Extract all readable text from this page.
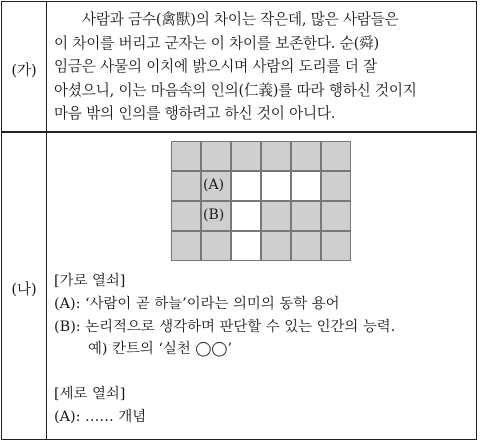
(가)
사람과 금수(禽獸)의 차이는 작은데, 많은 사람들은
이 차이를 버리고 군자는 이 차이를 보존한다. 순(舜)
임금은 사물의 이치에 밝으시며 사람의 도리를 더 잘
아셨으니, 이는 마음속의 인의(仁義)를 따라 행하신 것이지
마음 밖의 인의를 행하려고 하신 것이 아니다.
(나)
(A)
(B)
[가로 열쇠]
(A): ‘사람이 곧 하늘’이라는 의미의 동학 용어
(B): 논리적으로 생각하며 판단할 수 있는 인간의 능력.
예) 칸트의 ‘실천 ◯◯’
[세로 열쇠]
(A): …… 개념
